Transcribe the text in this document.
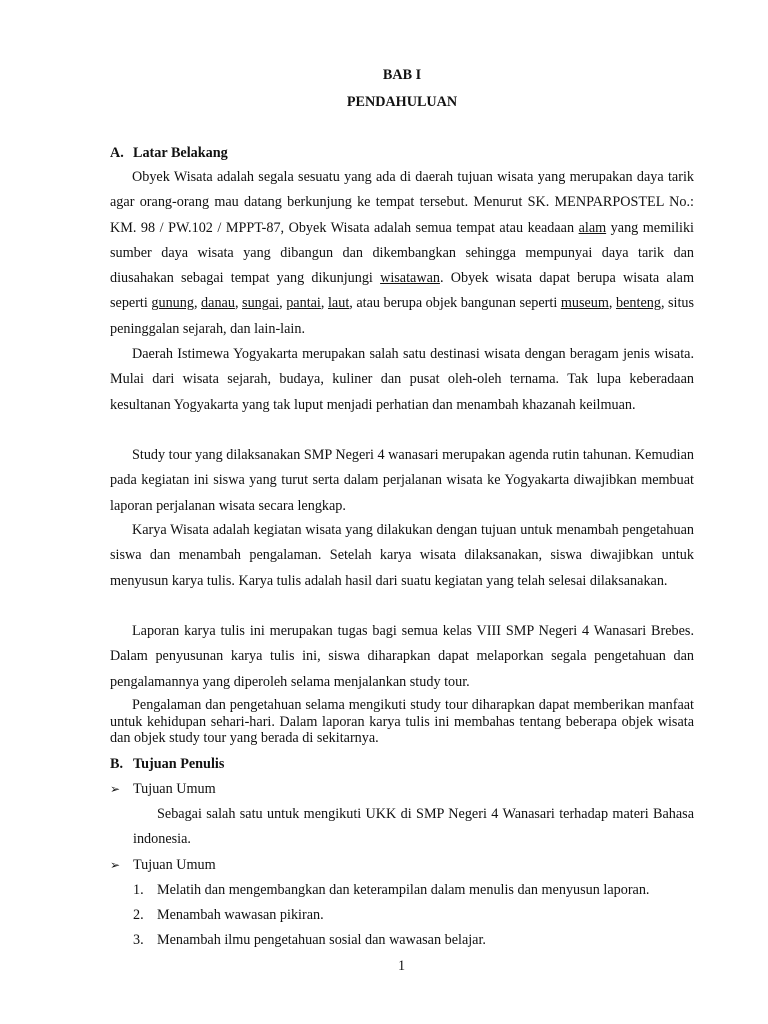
BAB I
PENDAHULUAN
A. Latar Belakang

Obyek Wisata adalah segala sesuatu yang ada di daerah tujuan wisata yang merupakan daya tarik agar orang-orang mau datang berkunjung ke tempat tersebut. Menurut SK. MENPARPOSTEL No.: KM. 98 / PW.102 / MPPT-87, Obyek Wisata adalah semua tempat atau keadaan alam yang memiliki sumber daya wisata yang dibangun dan dikembangkan sehingga mempunyai daya tarik dan diusahakan sebagai tempat yang dikunjungi wisatawan. Obyek wisata dapat berupa wisata alam seperti gunung, danau, sungai, pantai, laut, atau berupa objek bangunan seperti museum, benteng, situs peninggalan sejarah, dan lain-lain.

Daerah Istimewa Yogyakarta merupakan salah satu destinasi wisata dengan beragam jenis wisata. Mulai dari wisata sejarah, budaya, kuliner dan pusat oleh-oleh ternama. Tak lupa keberadaan kesultanan Yogyakarta yang tak luput menjadi perhatian dan menambah khazanah keilmuan.

Study tour yang dilaksanakan SMP Negeri 4 wanasari merupakan agenda rutin tahunan. Kemudian pada kegiatan ini siswa yang turut serta dalam perjalanan wisata ke Yogyakarta diwajibkan membuat laporan perjalanan wisata secara lengkap.

Karya Wisata adalah kegiatan wisata yang dilakukan dengan tujuan untuk menambah pengetahuan siswa dan menambah pengalaman. Setelah karya wisata dilaksanakan, siswa diwajibkan untuk menyusun karya tulis. Karya tulis adalah hasil dari suatu kegiatan yang telah selesai dilaksanakan.

Laporan karya tulis ini merupakan tugas bagi semua kelas VIII SMP Negeri 4 Wanasari Brebes. Dalam penyusunan karya tulis ini, siswa diharapkan dapat melaporkan segala pengetahuan dan pengalamannya yang diperoleh selama menjalankan study tour.

Pengalaman dan pengetahuan selama mengikuti study tour diharapkan dapat memberikan manfaat untuk kehidupan sehari-hari. Dalam laporan karya tulis ini membahas tentang beberapa objek wisata dan objek study tour yang berada di sekitarnya.

B. Tujuan Penulis
➢ Tujuan Umum

Sebagai salah satu untuk mengikuti UKK di SMP Negeri 4 Wanasari terhadap materi Bahasa indonesia.

➢ Tujuan Umum
1. Melatih dan mengembangkan dan keterampilan dalam menulis dan menyusun laporan.
2. Menambah wawasan pikiran.
3. Menambah ilmu pengetahuan sosial dan wawasan belajar.
1
